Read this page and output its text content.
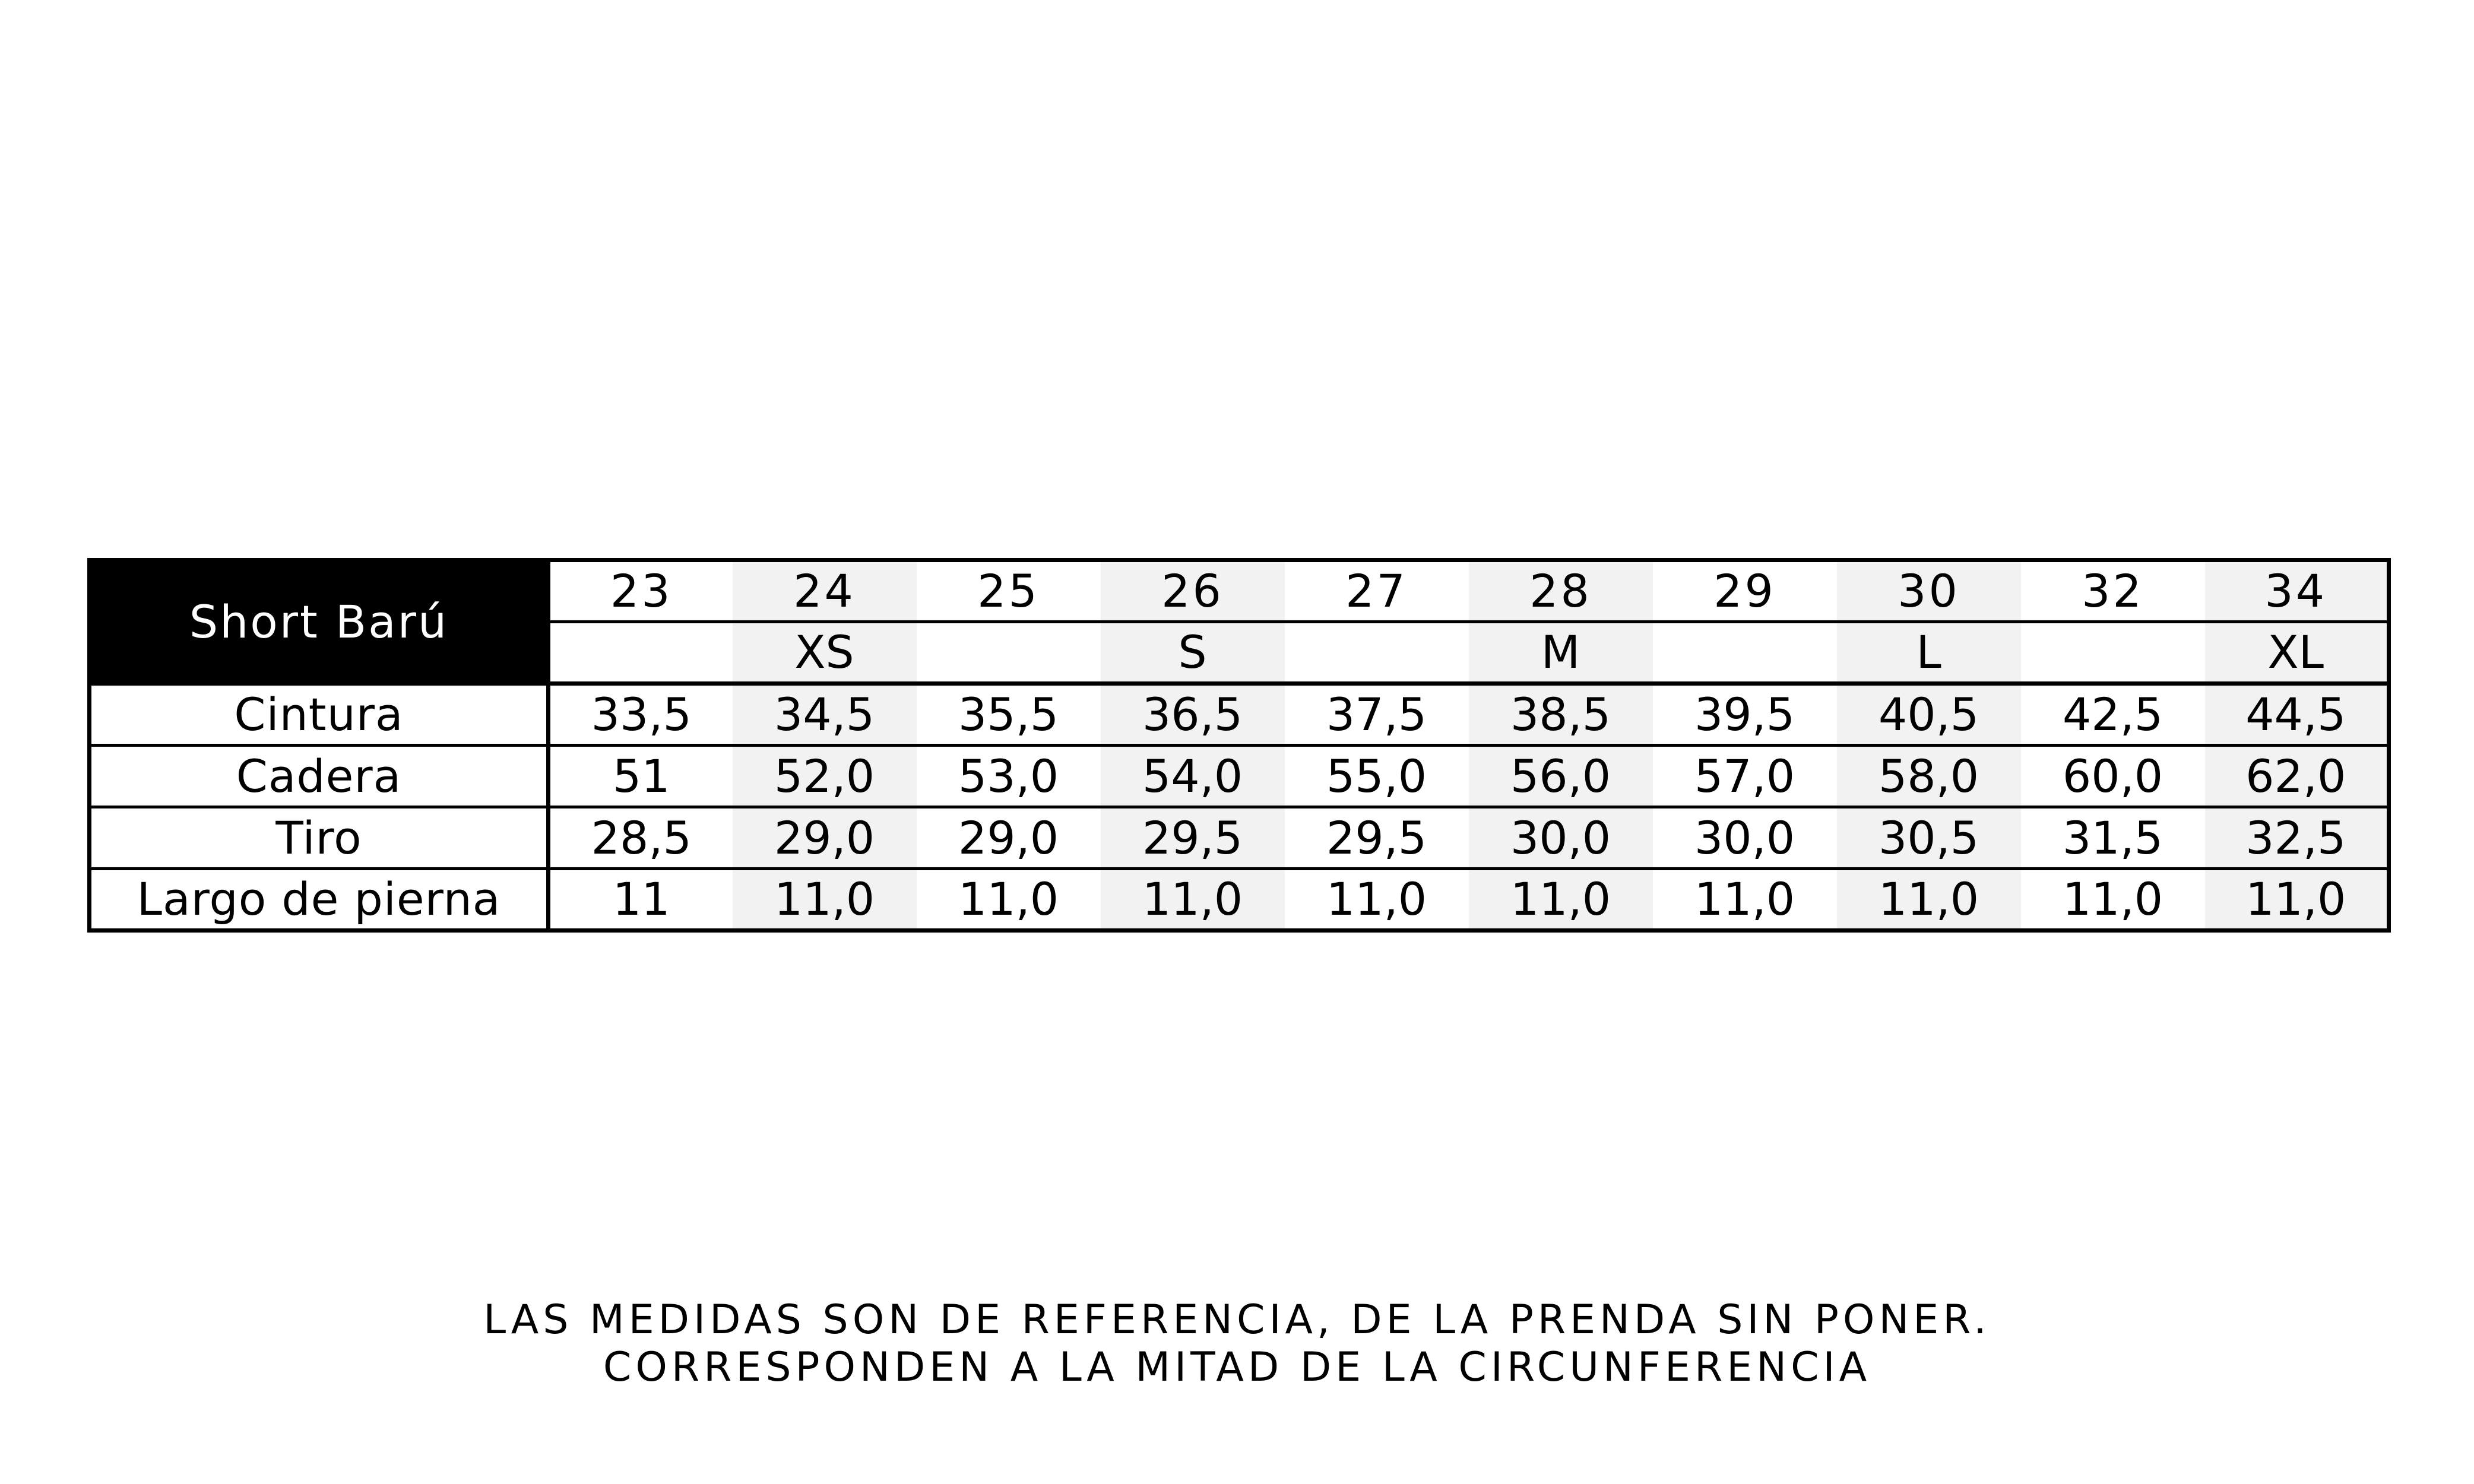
Short Barú	23	24	25	26	27	28	29	30	32	34
		XS		S		M		L		XL
Cintura	33,5	34,5	35,5	36,5	37,5	38,5	39,5	40,5	42,5	44,5
Cadera	51	52,0	53,0	54,0	55,0	56,0	57,0	58,0	60,0	62,0
Tiro	28,5	29,0	29,0	29,5	29,5	30,0	30,0	30,5	31,5	32,5
Largo de pierna	11	11,0	11,0	11,0	11,0	11,0	11,0	11,0	11,0	11,0
LAS MEDIDAS SON DE REFERENCIA, DE LA PRENDA SIN PONER.
CORRESPONDEN A LA MITAD DE LA CIRCUNFERENCIA
